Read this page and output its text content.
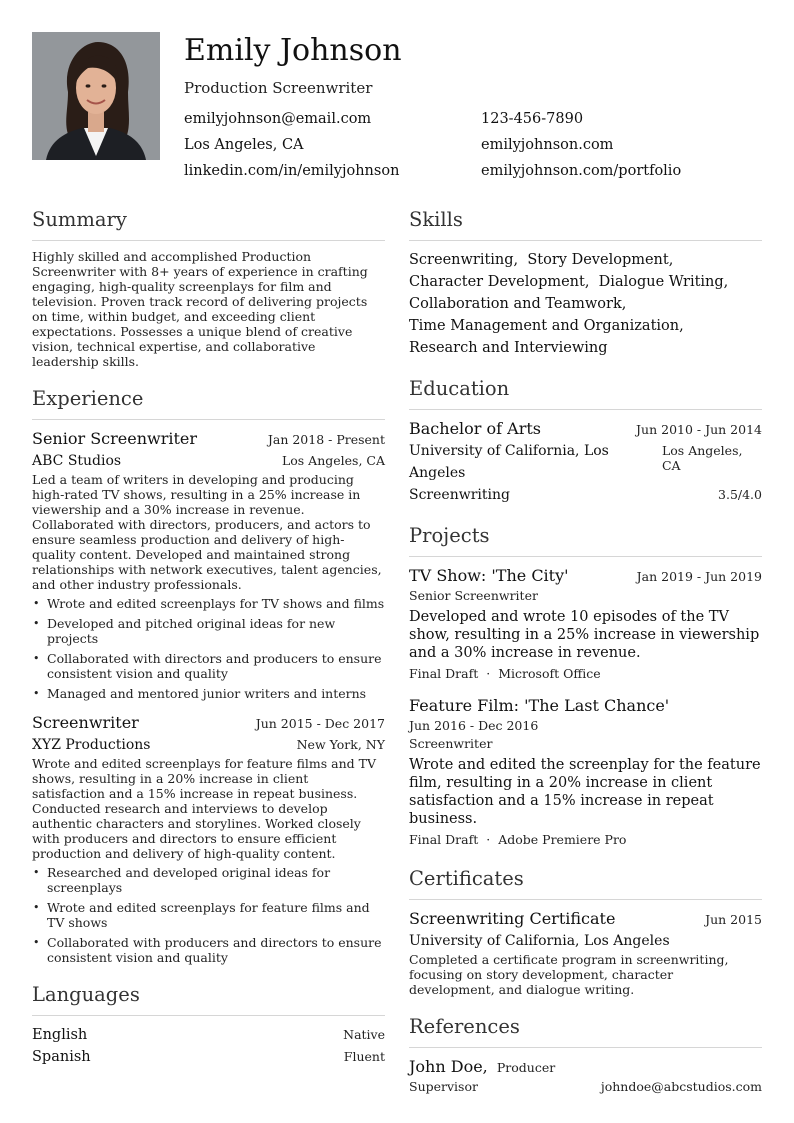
Emily Johnson
Production Screenwriter
emilyjohnson@email.com	123-456-7890
Los Angeles, CA	emilyjohnson.com
linkedin.com/in/emilyjohnson	emilyjohnson.com/portfolio
Summary

Highly skilled and accomplished Production Screenwriter with 8+ years of experience in crafting engaging, high-quality screenplays for film and television. Proven track record of delivering projects on time, within budget, and exceeding client expectations. Possesses a unique blend of creative vision, technical expertise, and collaborative leadership skills.

Experience
Senior Screenwriter	Jan 2018 - Present
ABC Studios	Los Angeles, CA

Led a team of writers in developing and producing high-rated TV shows, resulting in a 25% increase in viewership and a 30% increase in revenue. Collaborated with directors, producers, and actors to ensure seamless production and delivery of high-quality content. Developed and maintained strong relationships with network executives, talent agencies, and other industry professionals.

• Wrote and edited screenplays for TV shows and films
• Developed and pitched original ideas for new projects
• Collaborated with directors and producers to ensure consistent vision and quality
• Managed and mentored junior writers and interns
Screenwriter	Jun 2015 - Dec 2017
XYZ Productions	New York, NY

Wrote and edited screenplays for feature films and TV shows, resulting in a 20% increase in client satisfaction and a 15% increase in repeat business. Conducted research and interviews to develop authentic characters and storylines. Worked closely with producers and directors to ensure efficient production and delivery of high-quality content.

• Researched and developed original ideas for screenplays
• Wrote and edited screenplays for feature films and TV shows
• Collaborated with producers and directors to ensure consistent vision and quality
Languages
English	Native
Spanish	Fluent
Skills
Screenwriting,  Story Development,
Character Development,  Dialogue Writing,
Collaboration and Teamwork,
Time Management and Organization,
Research and Interviewing
Education
Bachelor of Arts	Jun 2010 - Jun 2014
University of California, Los Angeles
Los Angeles, CA
Screenwriting	3.5/4.0
Projects
TV Show: 'The City'	Jan 2019 - Jun 2019
Senior Screenwriter

Developed and wrote 10 episodes of the TV show, resulting in a 25% increase in viewership and a 30% increase in revenue.

Final Draft · Microsoft Office
Feature Film: 'The Last Chance'
Jun 2016 - Dec 2016
Screenwriter

Wrote and edited the screenplay for the feature film, resulting in a 20% increase in client satisfaction and a 15% increase in repeat business.

Final Draft · Adobe Premiere Pro
Certificates
Screenwriting Certificate	Jun 2015
University of California, Los Angeles

Completed a certificate program in screenwriting, focusing on story development, character development, and dialogue writing.

References
John Doe, Producer
Supervisor	johndoe@abcstudios.com
